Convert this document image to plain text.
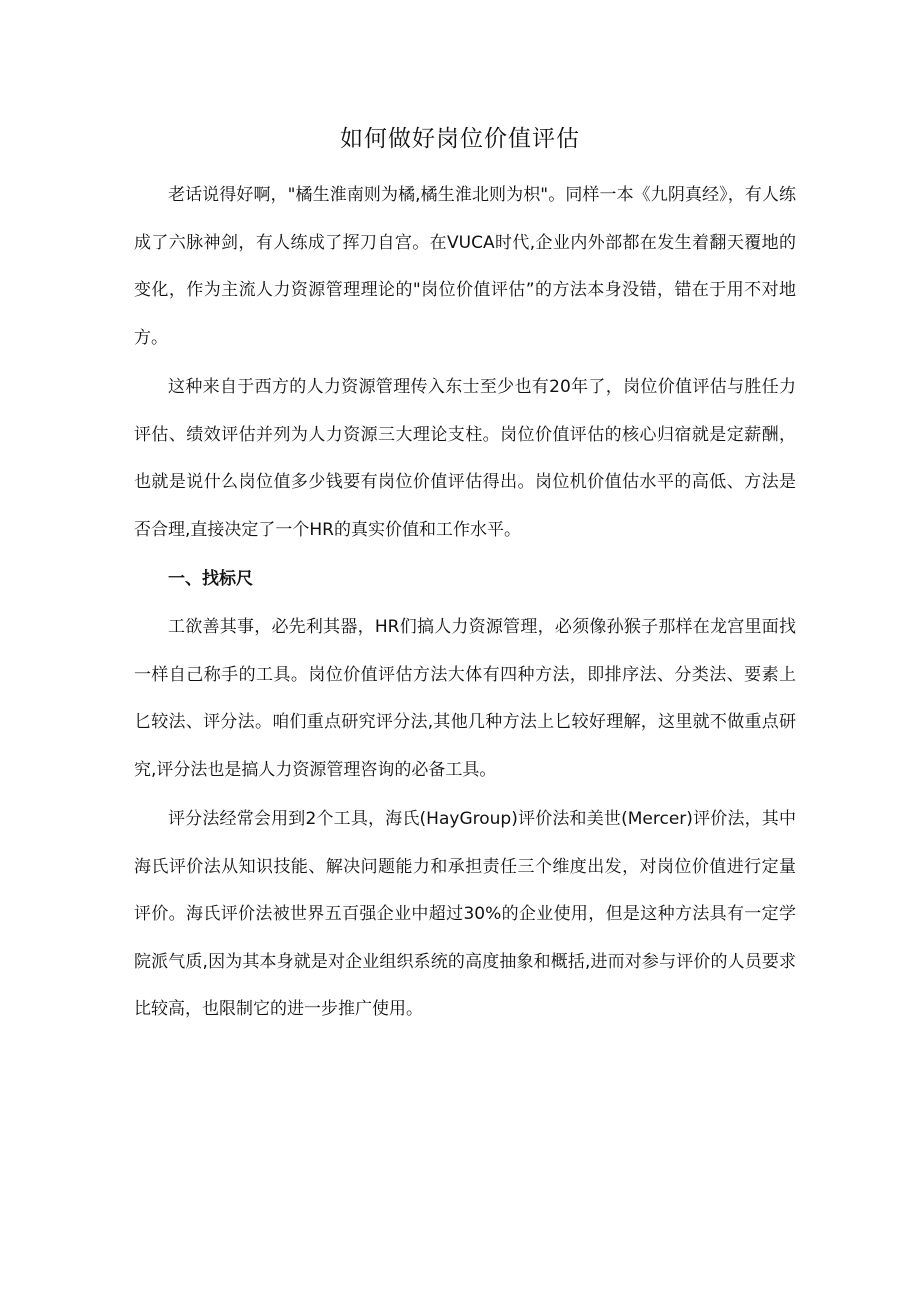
如何做好岗位价值评估

老话说得好啊，"橘生淮南则为橘,橘生淮北则为枳"。同样一本《九阴真经》，有人练成了六脉神剑，有人练成了挥刀自宫。在VUCA时代,企业内外部都在发生着翻天覆地的变化，作为主流人力资源管理理论的"岗位价值评估”的方法本身没错，错在于用不对地方。

这种来自于西方的人力资源管理传入东士至少也有20年了，岗位价值评估与胜任力评估、绩效评估并列为人力资源三大理论支柱。岗位价值评估的核心归宿就是定薪酬，也就是说什么岗位值多少钱要有岗位价值评估得出。岗位机价值估水平的高低、方法是否合理,直接决定了一个HR的真实价值和工作水平。

一、找标尺

工欲善其事，必先利其器，HR们搞人力资源管理，必须像孙猴子那样在龙宫里面找一样自己称手的工具。岗位价值评估方法大体有四种方法，即排序法、分类法、要素上匕较法、评分法。咱们重点研究评分法,其他几种方法上匕较好理解，这里就不做重点研究,评分法也是搞人力资源管理咨询的必备工具。

评分法经常会用到2个工具，海氏(HayGroup)评价法和美世(Mercer)评价法，其中海氏评价法从知识技能、解决问题能力和承担责任三个维度出发，对岗位价值进行定量评价。海氏评价法被世界五百强企业中超过30%的企业使用，但是这种方法具有一定学院派气质,因为其本身就是对企业组织系统的高度抽象和概括,进而对参与评价的人员要求比较高，也限制它的进一步推广使用。
